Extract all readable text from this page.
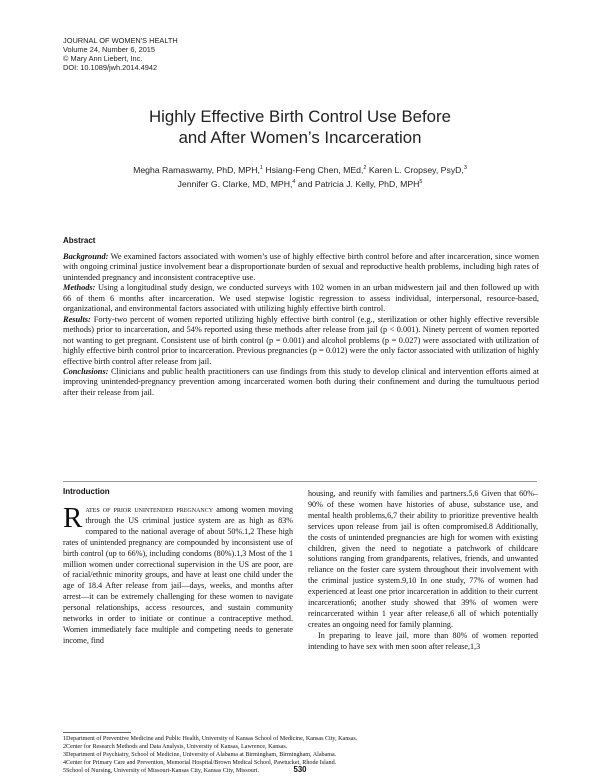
JOURNAL OF WOMEN'S HEALTH
Volume 24, Number 6, 2015
© Mary Ann Liebert, Inc.
DOI: 10.1089/jwh.2014.4942
Highly Effective Birth Control Use Before
and After Women’s Incarceration
Megha Ramaswamy, PhD, MPH,$^1$ Hsiang-Feng Chen, MEd,$^2$ Karen L. Cropsey, PsyD,$^3$
Jennifer G. Clarke, MD, MPH,$^4$ and Patricia J. Kelly, PhD, MPH$^5$
Abstract

Background: We examined factors associated with women’s use of highly effective birth control before and after incarceration, since women with ongoing criminal justice involvement bear a disproportionate burden of sexual and reproductive health problems, including high rates of unintended pregnancy and inconsistent contraceptive use.

Methods: Using a longitudinal study design, we conducted surveys with 102 women in an urban midwestern jail and then followed up with 66 of them 6 months after incarceration. We used stepwise logistic regression to assess individual, interpersonal, resource-based, organizational, and environmental factors associated with utilizing highly effective birth control.

Results: Forty-two percent of women reported utilizing highly effective birth control (e.g., sterilization or other highly effective reversible methods) prior to incarceration, and 54% reported using these methods after release from jail (p < 0.001). Ninety percent of women reported not wanting to get pregnant. Consistent use of birth control (p = 0.001) and alcohol problems (p = 0.027) were associated with utilization of highly effective birth control prior to incarceration. Previous pregnancies (p = 0.012) were the only factor associated with utilization of highly effective birth control after release from jail.

Conclusions: Clinicians and public health practitioners can use findings from this study to develop clinical and intervention efforts aimed at improving unintended-pregnancy prevention among incarcerated women both during their confinement and during the tumultuous period after their release from jail.

Introduction

Rates of prior unintended pregnancy among women moving through the US criminal justice system are as high as 83% compared to the national average of about 50%.1,2 These high rates of unintended pregnancy are compounded by inconsistent use of birth control (up to 66%), including condoms (80%).1,3 Most of the 1 million women under correctional supervision in the US are poor, are of racial/ethnic minority groups, and have at least one child under the age of 18.4 After release from jail—days, weeks, and months after arrest—it can be extremely challenging for these women to navigate personal relationships, access resources, and sustain community networks in order to initiate or continue a contraceptive method. Women immediately face multiple and competing needs to generate income, find

housing, and reunify with families and partners.5,6 Given that 60%–90% of these women have histories of abuse, substance use, and mental health problems,6,7 their ability to prioritize preventive health services upon release from jail is often compromised.8 Additionally, the costs of unintended pregnancies are high for women with existing children, given the need to negotiate a patchwork of childcare solutions ranging from grandparents, relatives, friends, and unwanted reliance on the foster care system throughout their involvement with the criminal justice system.9,10 In one study, 77% of women had experienced at least one prior incarceration in addition to their current incarceration6; another study showed that 39% of women were reincarcerated within 1 year after release,6 all of which potentially creates an ongoing need for family planning.

In preparing to leave jail, more than 80% of women reported intending to have sex with men soon after release,1,3

1Department of Preventive Medicine and Public Health, University of Kansas School of Medicine, Kansas City, Kansas.
2Center for Research Methods and Data Analysis, University of Kansas, Lawrence, Kansas.
3Department of Psychiatry, School of Medicine, University of Alabama at Birmingham, Birmingham, Alabama.
4Center for Primary Care and Prevention, Memorial Hospital/Brown Medical School, Pawtucket, Rhode Island.
5School of Nursing, University of Missouri-Kansas City, Kansas City, Missouri.	530
